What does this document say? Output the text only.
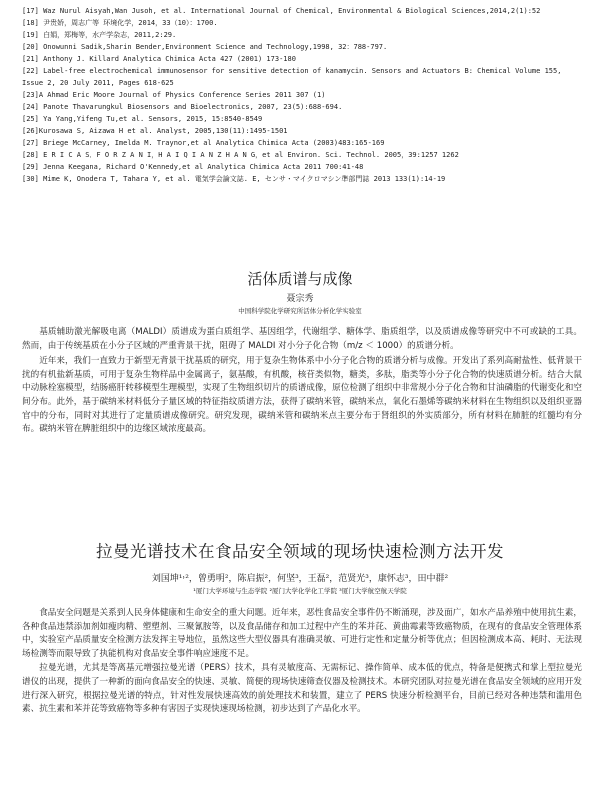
[17] Waz Nurul Aisyah,Wan Jusoh, et al. International Journal of Chemical, Environmental & Biological Sciences,2014,2(1):52
[18] 尹贵娇，周志广等 环境化学，2014，33（10）：1700.
[19] 白娟，郑梅等，水产学杂志，2011,2:29.
[20] Onowunni Sadik,Sharin Bender,Environment Science and Technology,1998, 32：788-797.
[21] Anthony J. Killard Analytica Chimica Acta 427 (2001) 173-180
[22] Label-free electrochemical immunosensor for sensitive detection of kanamycin. Sensors and Actuators B: Chemical Volume 155, Issue 2, 20 July 2011, Pages 618-625
[23]A Ahmad Eric Moore Journal of Physics Conference Series 2011 307 (1)
[24] Panote Thavarungkul Biosensors and Bioelectronics, 2007, 23(5):688-694.
[25] Ya Yang,Yifeng Tu,et al. Sensors, 2015, 15:8540-8549
[26]Kurosawa S, Aizawa H et al. Analyst, 2005,130(11):1495-1501
[27] Briege McCarney, Imelda M. Traynor,et al Analytica Chimica Acta (2003)483:165-169
[28] E R I C A S．F O R Z A N I，H A I Q I A N Z H A N G，et al Environ. Sci. Technol. 2005，39:1257 1262
[29] Jenna Keegana, Richard O'Kennedy,et al Analytica Chimica Acta 2011 700:41-48
[30] Mime K, Onodera T, Tahara Y, et al. 電気学会論文誌. E, センサ・マイクロマシン準部門誌 2013 133(1):14-19
活体质谱与成像
聂宗秀
中国科学院化学研究所活体分析化学实验室

基质辅助激光解吸电离（MALDI）质谱成为蛋白质组学、基因组学，代谢组学、糖体学、脂质组学，以及质谱成像等研究中不可或缺的工具。然而，由于传统基质在小分子区域的严重背景干扰，阻碍了 MALDI 对小分子化合物（m/z ＜ 1000）的质谱分析。

近年来，我们一直致力于新型无背景干扰基质的研究，用于复杂生物体系中小分子化合物的质谱分析与成像。开发出了系列高耐盐性、低背景干扰的有机盐新基质，可用于复杂生物样品中金属离子，氨基酸，有机酸，核苷类似物，糖类，多肽，脂类等小分子化合物的快速质谱分析。结合大鼠中动脉栓塞模型，结肠癌肝转移模型生理模型，实现了生物组织切片的质谱成像，原位检测了组织中非常规小分子化合物和甘油磷脂的代谢变化和空间分布。此外，基于碳纳米材料低分子量区域的特征指纹质谱方法，获得了碳纳米管，碳纳米点，氧化石墨烯等碳纳米材料在生物组织以及组织亚器官中的分布，同时对其进行了定量质谱成像研究。研究发现，碳纳米管和碳纳米点主要分布于肾组织的外实质部分，所有材料在肺脏的红髓均有分布。碳纳米管在脾脏组织中的边缘区域浓度最高。

拉曼光谱技术在食品安全领域的现场快速检测方法开发
刘国坤¹˒²，曾勇明²，陈启振²，何坚³，王磊²，范贤光³，康怀志³，田中群²
¹厦门大学环境与生态学院 ²厦门大学化学化工学院 ³厦门大学航空航天学院

食品安全问题是关系到人民身体健康和生命安全的重大问题。近年来，恶性食品安全事件仍不断涌现，涉及面广，如水产品养殖中使用抗生素，各种食品违禁添加剂如瘦肉精、塑塑剂、三聚氰胺等，以及食品储存和加工过程中产生的苯并芘、黄曲霉素等致癌物质，在现有的食品安全管理体系中，实验室产品质量安全检测方法发挥主导地位，虽然这些大型仪器具有准确灵敏、可进行定性和定量分析等优点；但因检测成本高、耗时、无法现场检测等而限导致了执能机构对食品安全事件响应速度不足。

拉曼光谱，尤其是等离基元增强拉曼光谱（PERS）技术，具有灵敏度高、无需标记、操作简单、成本低的优点，特备是便携式和掌上型拉曼光谱仪的出现，提供了一种新的面向食品安全的快速、灵敏、简便的现场快速筛查仪器及检测技术。本研究团队对拉曼光谱在食品安全领域的应用开发进行深入研究，根据拉曼光谱的特点，针对性发展快速高效的前处理技术和装置，建立了 PERS 快速分析检测平台，目前已经对各种违禁和滥用色素、抗生素和苯并芘等致癌物等多种有害因子实现快速现场检测，初步达到了产品化水平。
